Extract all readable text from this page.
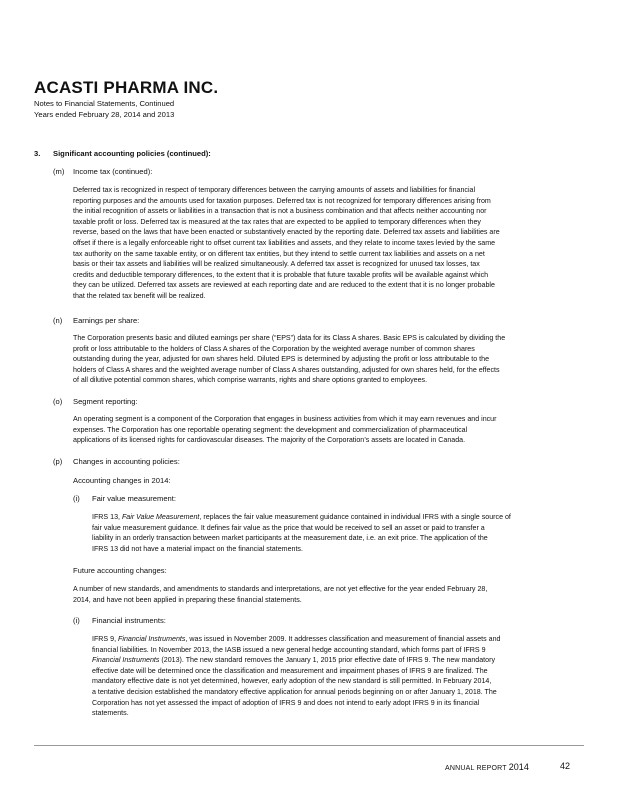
ACASTI PHARMA INC.
Notes to Financial Statements, Continued
Years ended February 28, 2014 and 2013
3. Significant accounting policies (continued):
(m) Income tax (continued):
Deferred tax is recognized in respect of temporary differences between the carrying amounts of assets and liabilities for financial
reporting purposes and the amounts used for taxation purposes. Deferred tax is not recognized for temporary differences arising from
the initial recognition of assets or liabilities in a transaction that is not a business combination and that affects neither accounting nor
taxable profit or loss. Deferred tax is measured at the tax rates that are expected to be applied to temporary differences when they
reverse, based on the laws that have been enacted or substantively enacted by the reporting date. Deferred tax assets and liabilities are
offset if there is a legally enforceable right to offset current tax liabilities and assets, and they relate to income taxes levied by the same
tax authority on the same taxable entity, or on different tax entities, but they intend to settle current tax liabilities and assets on a net
basis or their tax assets and liabilities will be realized simultaneously. A deferred tax asset is recognized for unused tax losses, tax
credits and deductible temporary differences, to the extent that it is probable that future taxable profits will be available against which
they can be utilized. Deferred tax assets are reviewed at each reporting date and are reduced to the extent that it is no longer probable
that the related tax benefit will be realized.
(n) Earnings per share:
The Corporation presents basic and diluted earnings per share (“EPS”) data for its Class A shares. Basic EPS is calculated by dividing the
profit or loss attributable to the holders of Class A shares of the Corporation by the weighted average number of common shares
outstanding during the year, adjusted for own shares held. Diluted EPS is determined by adjusting the profit or loss attributable to the
holders of Class A shares and the weighted average number of Class A shares outstanding, adjusted for own shares held, for the effects
of all dilutive potential common shares, which comprise warrants, rights and share options granted to employees.
(o) Segment reporting:
An operating segment is a component of the Corporation that engages in business activities from which it may earn revenues and incur
expenses. The Corporation has one reportable operating segment: the development and commercialization of pharmaceutical
applications of its licensed rights for cardiovascular diseases. The majority of the Corporation’s assets are located in Canada.
(p) Changes in accounting policies:
Accounting changes in 2014:
(i) Fair value measurement:
IFRS 13, Fair Value Measurement, replaces the fair value measurement guidance contained in individual IFRS with a single source of
fair value measurement guidance. It defines fair value as the price that would be received to sell an asset or paid to transfer a
liability in an orderly transaction between market participants at the measurement date, i.e. an exit price. The application of the
IFRS 13 did not have a material impact on the financial statements.
Future accounting changes:
A number of new standards, and amendments to standards and interpretations, are not yet effective for the year ended February 28,
2014, and have not been applied in preparing these financial statements.
(i) Financial instruments:
IFRS 9, Financial Instruments, was issued in November 2009. It addresses classification and measurement of financial assets and
financial liabilities. In November 2013, the IASB issued a new general hedge accounting standard, which forms part of IFRS 9
Financial Instruments (2013). The new standard removes the January 1, 2015 prior effective date of IFRS 9. The new mandatory
effective date will be determined once the classification and measurement and impairment phases of IFRS 9 are finalized. The
mandatory effective date is not yet determined, however, early adoption of the new standard is still permitted. In February 2014,
a tentative decision established the mandatory effective application for annual periods beginning on or after January 1, 2018. The
Corporation has not yet assessed the impact of adoption of IFRS 9 and does not intend to early adopt IFRS 9 in its financial
statements.
ANNUAL REPORT 2014	42
